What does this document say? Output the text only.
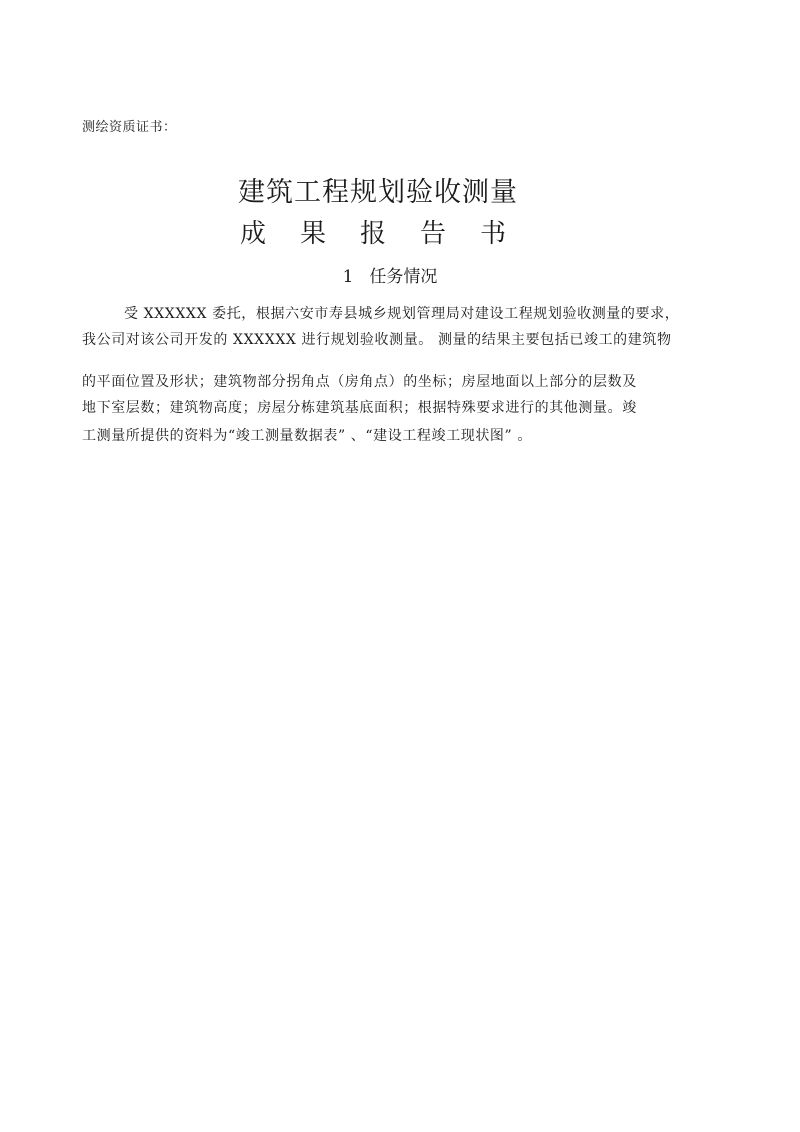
测绘资质证书：
建筑工程规划验收测量
成果报告书
1 任务情况
受 XXXXXX 委托，根据六安市寿县城乡规划管理局对建设工程规划验收测量的要求，
我公司对该公司开发的 XXXXXX 进行规划验收测量。 测量的结果主要包括已竣工的建筑物
的平面位置及形状；建筑物部分拐角点（房角点）的坐标；房屋地面以上部分的层数及
地下室层数；建筑物高度；房屋分栋建筑基底面积；根据特殊要求进行的其他测量。竣
工测量所提供的资料为“竣工测量数据表” 、“建设工程竣工现状图” 。
